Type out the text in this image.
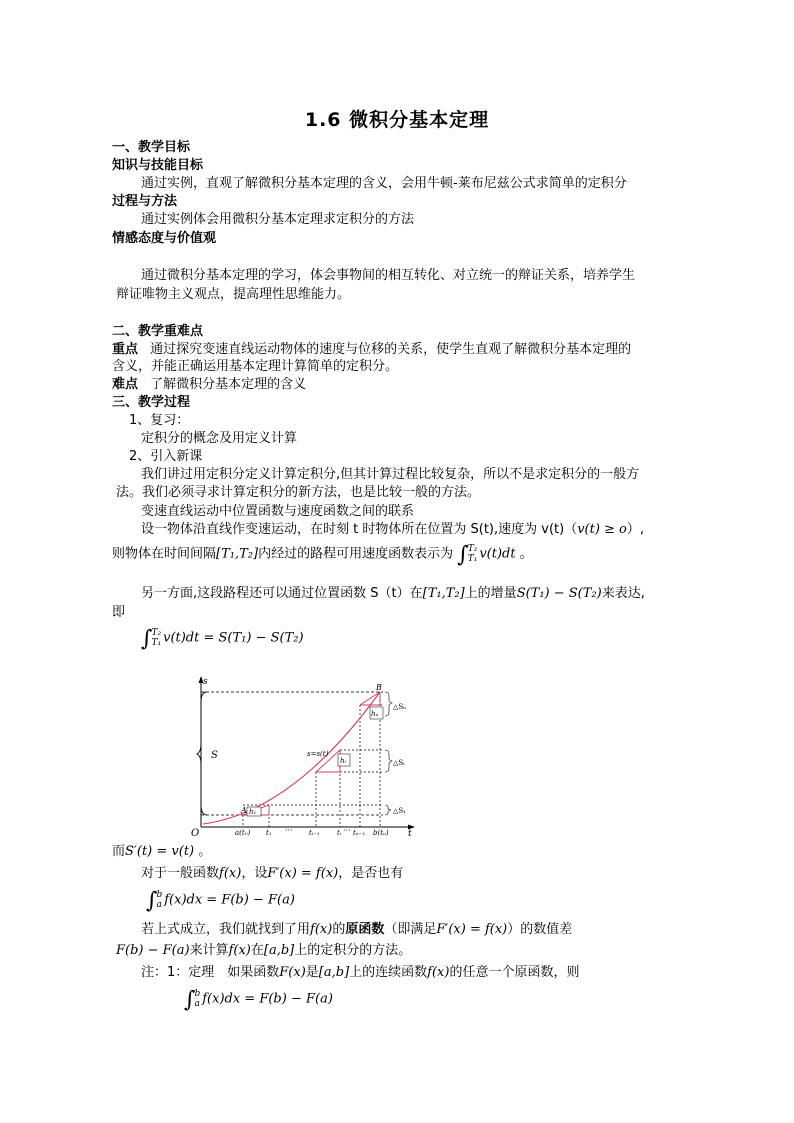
1.6 微积分基本定理
一、教学目标
知识与技能目标
通过实例，直观了解微积分基本定理的含义，会用牛顿-莱布尼兹公式求简单的定积分
过程与方法
通过实例体会用微积分基本定理求定积分的方法
情感态度与价值观
通过微积分基本定理的学习，体会事物间的相互转化、对立统一的辩证关系，培养学生
辩证唯物主义观点，提高理性思维能力。
二、教学重难点
重点 通过探究变速直线运动物体的速度与位移的关系，使学生直观了解微积分基本定理的
含义，并能正确运用基本定理计算简单的定积分。
难点 了解微积分基本定理的含义
三、教学过程
1、复习：
定积分的概念及用定义计算
2、引入新课
我们讲过用定积分定义计算定积分,但其计算过程比较复杂，所以不是求定积分的一般方
法。我们必须寻求计算定积分的新方法，也是比较一般的方法。
变速直线运动中位置函数与速度函数之间的联系
设一物体沿直线作变速运动，在时刻 t 时物体所在位置为 S(t),速度为 v(t)（v(t) ≥ o）,
则物体在时间间隔[T₁,T₂]内经过的路程可用速度函数表示为 ∫ T₂
T₁ v(t)dt 。
另一方面,这段路程还可以通过位置函数 S（t）在[T₁,T₂]上的增量S(T₁) − S(T₂)来表达,
即
∫ T₂
T₁ v(t)dt = S(T₁) − S(T₂)
s
t
O
S
h₁
hᵢ
hₙ
△Sₙ
△Sᵢ
△S₁
A
B
s=s(t)
a(t₀) t₁ ··· tᵢ₋₁ tᵢ ··· tₙ₋₁ b(tₙ)
而S′(t) = v(t) 。
对于一般函数f(x)，设F′(x) = f(x)，是否也有
∫ b
a f(x)dx = F(b) − F(a)
若上式成立，我们就找到了用f(x)的原函数（即满足F′(x) = f(x)）的数值差
F(b) − F(a)来计算f(x)在[a,b]上的定积分的方法。
注：1：定理　如果函数F(x)是[a,b]上的连续函数f(x)的任意一个原函数，则
∫ b
a f(x)dx = F(b) − F(a)
